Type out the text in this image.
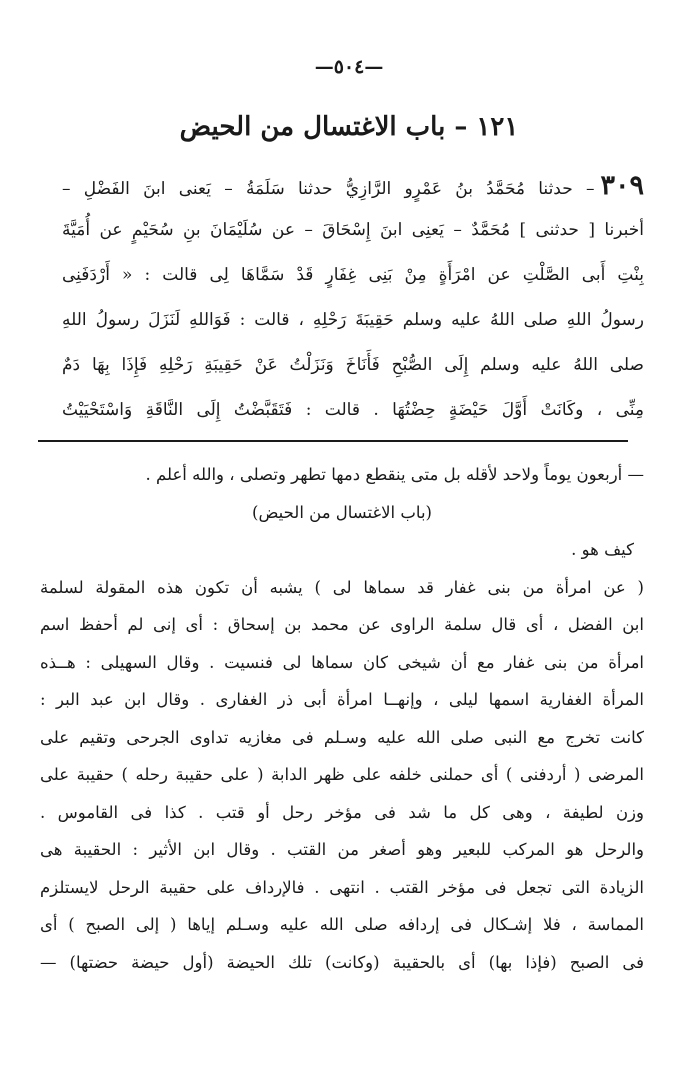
—٥٠٤—
١٢١ – باب الاغتسال من الحيض
٣٠٩– حدثنا مُحَمَّدُ بنُ عَمْرٍو الرَّازِيُّ حدثنا سَلَمَةُ – يَعنى ابنَ الفَضْلِ –
أخبرنا [ حدثنى ] مُحَمَّدٌ – يَعنِى ابنَ إِسْحَاقَ – عن سُلَيْمَانَ بنِ سُحَيْمٍ عن أُمَيَّةَ
بِنْتِ أَبى الصَّلْتِ عن امْرَأَةٍ مِنْ بَنِى غِفَارٍ قَدْ سَمَّاهَا لِى قالت : « أَرْدَفَنِى
رسولُ اللهِ صلى اللهُ عليه وسلم حَقِيبَةَ رَحْلِهِ ، قالت : فَوَاللهِ لَنَزَلَ رسولُ اللهِ
صلى اللهُ عليه وسلم إِلَى الصُّبْحِ فَأَنَاخَ وَنَزَلْتُ عَنْ حَقِيبَةِ رَحْلِهِ فَإِذَا بِهَا دَمٌ
مِنِّى ، وكَانَتْ أَوَّلَ حَيْضَةٍ حِضْتُهَا . قالت : فَتَقَبَّضْتُ إِلَى النَّاقَةِ وَاسْتَحْيَيْتُ
— أربعون يوماً ولاحد لأقله بل متى ينقطع دمها تطهر وتصلى ، والله أعلم .
(باب الاغتسال من الحيض)
كيف هو .
( عن امرأة من بنى غفار قد سماها لى ) يشبه أن تكون هذه المقولة لسلمة
ابن الفضل ، أى قال سلمة الراوى عن محمد بن إسحاق : أى إنى لم أحفظ اسم
امرأة من بنى غفار مع أن شيخى كان سماها لى فنسيت . وقال السهيلى : هــذه
المرأة الغفارية اسمها ليلى ، وإنهــا امرأة أبى ذر الغفارى . وقال ابن عبد البر :
كانت تخرج مع النبى صلى الله عليه وسـلم فى مغازيه تداوى الجرحى وتقيم على
المرضى ( أردفنى ) أى حملنى خلفه على ظهر الدابة ( على حقيبة رحله ) حقيبة على
وزن لطيفة ، وهى كل ما شد فى مؤخر رحل أو قتب . كذا فى القاموس .
والرحل هو المركب للبعير وهو أصغر من القتب . وقال ابن الأثير : الحقيبة هى
الزيادة التى تجعل فى مؤخر القتب . انتهى . فالإرداف على حقيبة الرحل لايستلزم
المماسة ، فلا إشـكال فى إردافه صلى الله عليه وسـلم إياها ( إلى الصبح ) أى
فى الصبح (فإذا بها) أى بالحقيبة (وكانت) تلك الحيضة (أول حيضة حضتها) —
